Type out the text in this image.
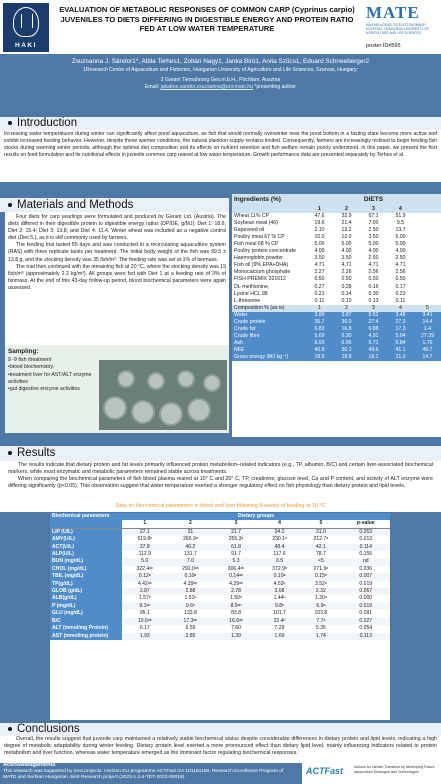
HAKI
EVALUATION OF METABOLIC RESPONSES OF COMMON CARP (Cyprinus carpio) JUVENILES TO DIETS DIFFERING IN DIGESTIBLE ENERGY AND PROTEIN RATIO FED AT LOW WATER TEMPERATURE
MATE
MAGYAR AGRÁR- ÉS ÉLETTUDOMÁNYI EGYETEM / HUNGARIAN UNIVERSITY OF AGRICULTURE AND LIFE SCIENCES
poster ID#595
Zsuzsanna J. Sándor1*, Attila Terhes1, Zoltán Nagy1, Janka Biró1, Anita Szűcs1, Eduard Schneeberger2
1Research Centre of Aquaculture and Fisheries, Hungarian University of Agriculture and Life Sciences, Szarvas, Hungary;
2 Garant Tiernahrung Ges.m.b.H., Pöchlarn, Ausztria
Email: jakabne.sandor.zsuzsanna@uni-mate.hu *presenting author
Introduction
Increasing water temperatures during winter can significantly affect pond aquaculture, as fish that would normally overwinter near the pond bottom in a fasting state become more active and exhibit increased feeding behavior. However, despite these warmer conditions, the natural plankton supply remains limited. Consequently, farmers are increasingly inclined to begin feeding fish stocks during warming winter periods, although the optimal diet composition and its effects on nutrient retention and fish welfare remain poorly understood. In this paper, we present the first results on feed formulation and its nutritional effects in juvenile common carp reared at low water temperature. Growth performance data are presented separately by Terhes et al.
Materials and Methods

Four diets for carp yearlings were formulated and produced by Garant Ltd. (Austria). The diets differed in their digestible protein to digestible energy ratios (DP/DE, g/MJ): Diet 1: 18.6; Diet 2: 15.4; Diet 3: 13.8; and Diet 4: 11.4. Winter wheat was included as a negative control diet (Diet 5.), as it is still commonly used by farmers.

The feeding trial lasted 55 days and was conducted in a recirculating aquaculture system (RAS) with three replicate tanks per treatment. The initial body weight of the fish was 99.5 ± 13.8 g, and the stocking density was 35 fish/m³. The feeding rate was set at 1% of biomass .

The trial then continued with the remaining fish at 20 °C, where the stocking density was 19 fish/m³ (approximately 2.2 kg/m³). All groups were fed with Diet 1 at a feeding rate of 3% of biomass. At the end of this 43-day follow-up period, blood biochemical parameters were again assessed.

Sampling:
9 -9 fish /treatment
• blood biochemistry,
• treatment liver for AST/ALT enzyme activities
• gut digestive enzyme activities
Ingredients (%)	DIETS				
	1	2	3	4	
Wheat 11% CP	47.6	32.9	67.1	51.9	
Soybean meal (46)	19.6	21.4	7.00	9.5	
Rapeseed oil	2.10	13.2	2.50	13.7	
Poultry meal 67 % CP	10.0	12.0	3.50	5.00	
Fish meal 68 % CP	5.00	5.00	5.00	5.00	
Poultry protein concentrate	4.00	4.00	4.00	4.00	
Haemoglobin powder	3.50	3.50	2.50	2.50	
Fish oil (9% EPA+DHA)	4.71	4.71	4.71	4.71	
Monocalcium phosphate	2.27	2.26	2.56	2.56	
FISH PREMIX 321612	0.50	0.50	0.50	0.50	
DL-methionine,	0.27	0.28	0.16	0.17	
Lysine HCL 98	0.21	0.14	0.30	0.23	
L-threonine	0.11	0.10	0.13	0.11	
Composition % (as is)	1	2	3	4	5
Water	3.99	3.87	5.52	3.48	3.41
Crude protein	35.7	36.0	27.4	27.3	14.4
Crude fat	6.83	16.8	6.88	17.3	1.4
Crude fibre	5.69	6.30	4.91	5.04	27.29
Ash	6.93	6.96	5.71	5.84	1.76
NFE	40.8	30.1	49.6	41.1	49.7
Gross energy (MJ kg⁻¹)	18.5	19.9	19.1	21.2	14.7
Results

The results indicate that dietary protein and fat levels primarily influenced protein metabolism–related indicators (e.g., TP, albumin, B/C) and certain liver-associated biochemical markers, while most enzymatic and metabolic parameters remained stable across treatments.

When comparing the biochemical parameters of fish blood plasma reared at 10° C and 20° C, TP, creatinine, glucose level, Ca and P content, and activity of ALT enzyme were differing significantly (p<0.05). This observation suggest that water temperature exerted a stronger regulatory effect on fish physiology than dietary protein and lipid levels.

Data on biochemical parameters in blood and liver following 8-weeks of feeding at 10 °C
Biochenical parameters	Dietary groups					
	1	2	3	4	5	p-value
LIP (U/L)	27.1	31	21.7	34.2	31.0	0.263
AMY(U/L)	619.8ᵇ	266.9ᵃ	255.3ᵃ	230.1ᵃ	212.7ᵃ	0.013
ACT(U/L)	37.8	40.2	61.8	48.4	42.1	0.114
ALP(U/L)	112.9	131.7	91.7	117.6	78.7	0.155
BUN (mg/dL)	5.0	7.0	5.3	6.5	<5	nd
CHOL (mg/dL)	322.4ᵃᵇ	292.0ᵃᵇ	306.4ᵃᵇ	372.9ᵇ	271.9ᵃ	0.036
TBIL (mg/dL)	0.12ᵃ	0.10ᵃ	0.14ᵃᵇ	0.10ᵃ	0.15ᵇ	0.007
TP(g/dL)	4.42ᵃᵇ	4.39ᵃᵇ	4.29ᵃᵇ	4.53ᵇ	3.52ᵃ	0.019
GLOB (g/dL)	2.87	2.88	2.78	3.08	2.32	0.067
ALB(g/dL)	1.57ᵇ	1.51ᵇ	1.50ᵇ	1.44ᵇ	1.20ᵃ	0.000
P (mg/dL)	9.1ᵃᵇ	9.6ᵇ	8.9ᵃᵇ	9.8ᵇ	6.9ᵃ	0.019
GLU (mg/dL)	95.1	133.8	83.8	101.7	103.8	0.091
B/C	10.6ᵃᵇ	17.3ᵃᵇ	16.6ᵃᵇ	22.4ᵇ	7.7ᵃ	0.027
ALT (mmol/mg Protein)	6.17	6.59	7.60	7.29	5.35	0.054
AST (mmol/mg protein)	1.93	2.85	1.39	1.69	1.74	0.113
Conclusions

Overall, the results suggest that juvenile carp maintained a relatively stable biochemical status despite considerable differences in dietary protein and lipid levels, indicating a high degree of metabolic adaptability during winter feeding. Dietary protein level exerted a more pronounced effect than dietary lipid level, mainly influencing indicators related to protein metabolism and liver function, whereas water temperature emerged as the dominant factor regulating biochemical responses.

Acknowledgements
This research was supported by next projects: Horizon EU programme ACTFast GA 101181159, Research Excellence Program of MATE and Serbian Hungarian Joint Research project (2023-1.2.4-TÉT-2023-00018).
ACTFast	Actions for climate Transition by developing Future aquaculture Strategies and Technologies
